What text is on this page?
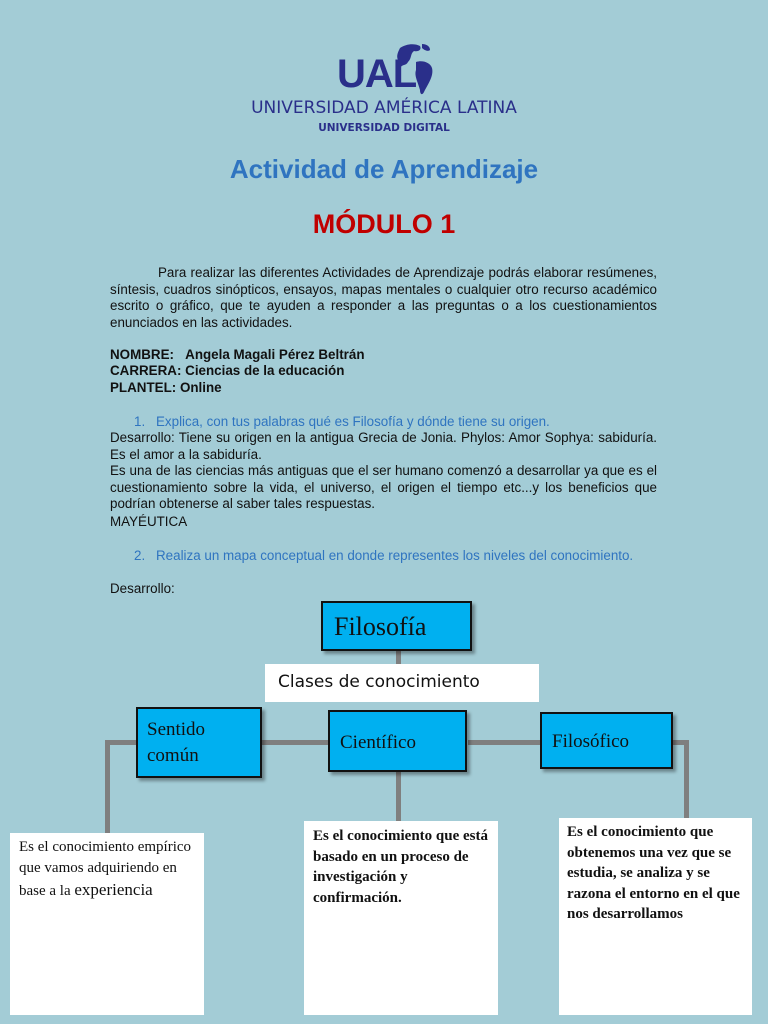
UAL
UNIVERSIDAD AMÉRICA LATINA
UNIVERSIDAD DIGITAL
Actividad de Aprendizaje
MÓDULO 1
Para realizar las diferentes Actividades de Aprendizaje podrás elaborar resúmenes, síntesis, cuadros sinópticos, ensayos, mapas mentales o cualquier otro recurso académico escrito o gráfico, que te ayuden a responder a las preguntas o a los cuestionamientos enunciados en las actividades.
NOMBRE: Angela Magali Pérez Beltrán
CARRERA: Ciencias de la educación
PLANTEL: Online
1. Explica, con tus palabras qué es Filosofía y dónde tiene su origen.
Desarrollo: Tiene su origen en la antigua Grecia de Jonia. Phylos: Amor Sophya: sabiduría. Es el amor a la sabiduría.
Es una de las ciencias más antiguas que el ser humano comenzó a desarrollar ya que es el cuestionamiento sobre la vida, el universo, el origen el tiempo etc...y los beneficios que podrían obtenerse al saber tales respuestas.
MAYÉUTICA
2. Realiza un mapa conceptual en donde representes los niveles del conocimiento.
Desarrollo:
Filosofía
Clases de conocimiento
Sentido
común
Científico	Filosófico
Es el conocimiento empírico que vamos adquiriendo en base a la experiencia
Es el conocimiento que está basado en un proceso de investigación y confirmación.
Es el conocimiento que obtenemos una vez que se estudia, se analiza y se razona el entorno en el que nos desarrollamos
